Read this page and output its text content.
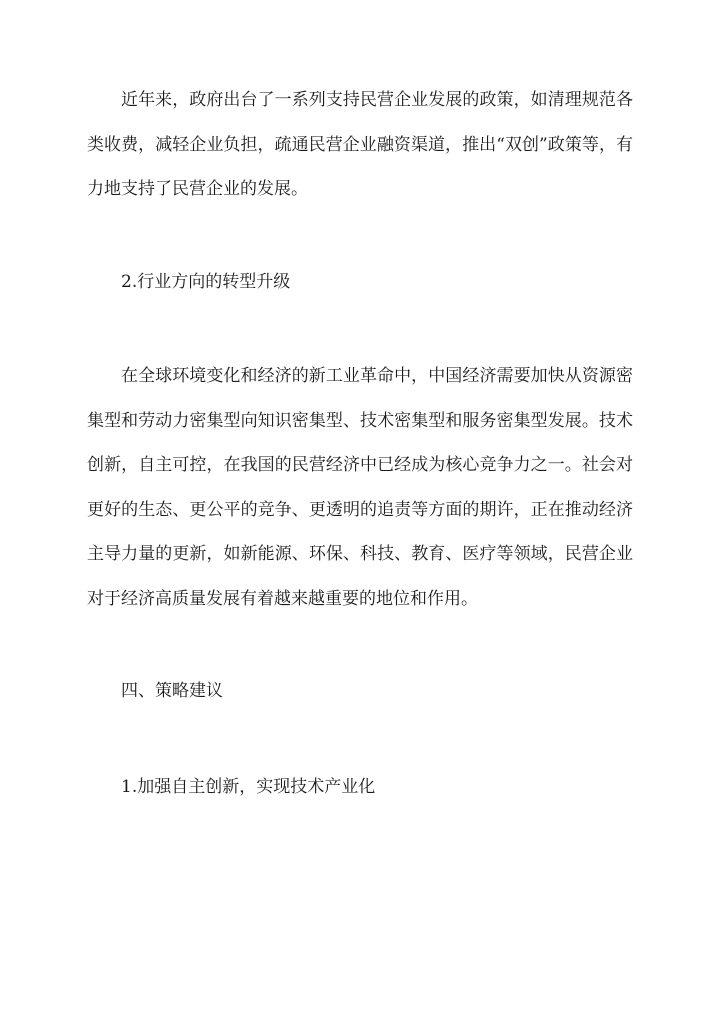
近年来，政府出台了一系列支持民营企业发展的政策，如清理规范各类收费，减轻企业负担，疏通民营企业融资渠道，推出“双创”政策等，有力地支持了民营企业的发展。

2.行业方向的转型升级

在全球环境变化和经济的新工业革命中，中国经济需要加快从资源密集型和劳动力密集型向知识密集型、技术密集型和服务密集型发展。技术创新，自主可控，在我国的民营经济中已经成为核心竞争力之一。社会对更好的生态、更公平的竞争、更透明的追责等方面的期许，正在推动经济主导力量的更新，如新能源、环保、科技、教育、医疗等领域，民营企业对于经济高质量发展有着越来越重要的地位和作用。

四、策略建议
1.加强自主创新，实现技术产业化
